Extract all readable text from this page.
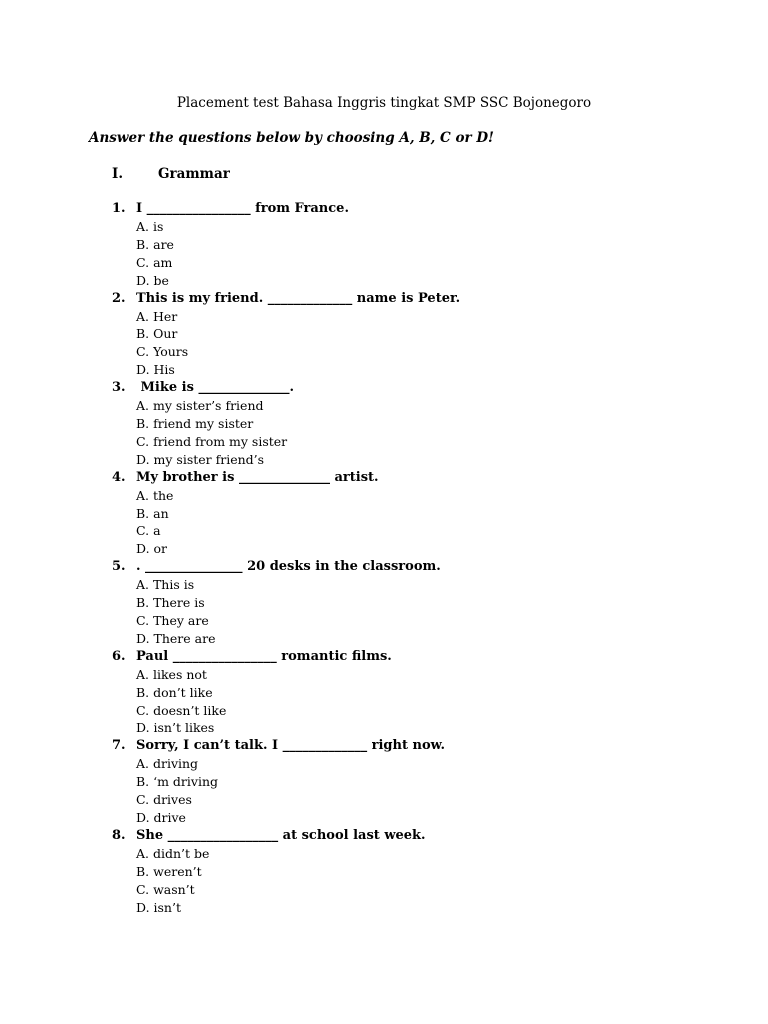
Placement test Bahasa Inggris tingkat SMP SSC Bojonegoro
Answer the questions below by choosing A, B, C or D!
I.	Grammar
1. I ________________ from France.
A. is
B. are
C. am
D. be
2. This is my friend. _____________ name is Peter.
A. Her
B. Our
C. Yours
D. His
3. Mike is ______________.
A. my sister’s friend
B. friend my sister
C. friend from my sister
D. my sister friend’s
4. My brother is ______________ artist.
A. the
B. an
C. a
D. or
5. . _______________ 20 desks in the classroom.
A. This is
B. There is
C. They are
D. There are
6. Paul ________________ romantic films.
A. likes not
B. don’t like
C. doesn’t like
D. isn’t likes
7. Sorry, I can’t talk. I _____________ right now.
A. driving
B. ‘m driving
C. drives
D. drive
8. She _________________ at school last week.
A. didn’t be
B. weren’t
C. wasn’t
D. isn’t
